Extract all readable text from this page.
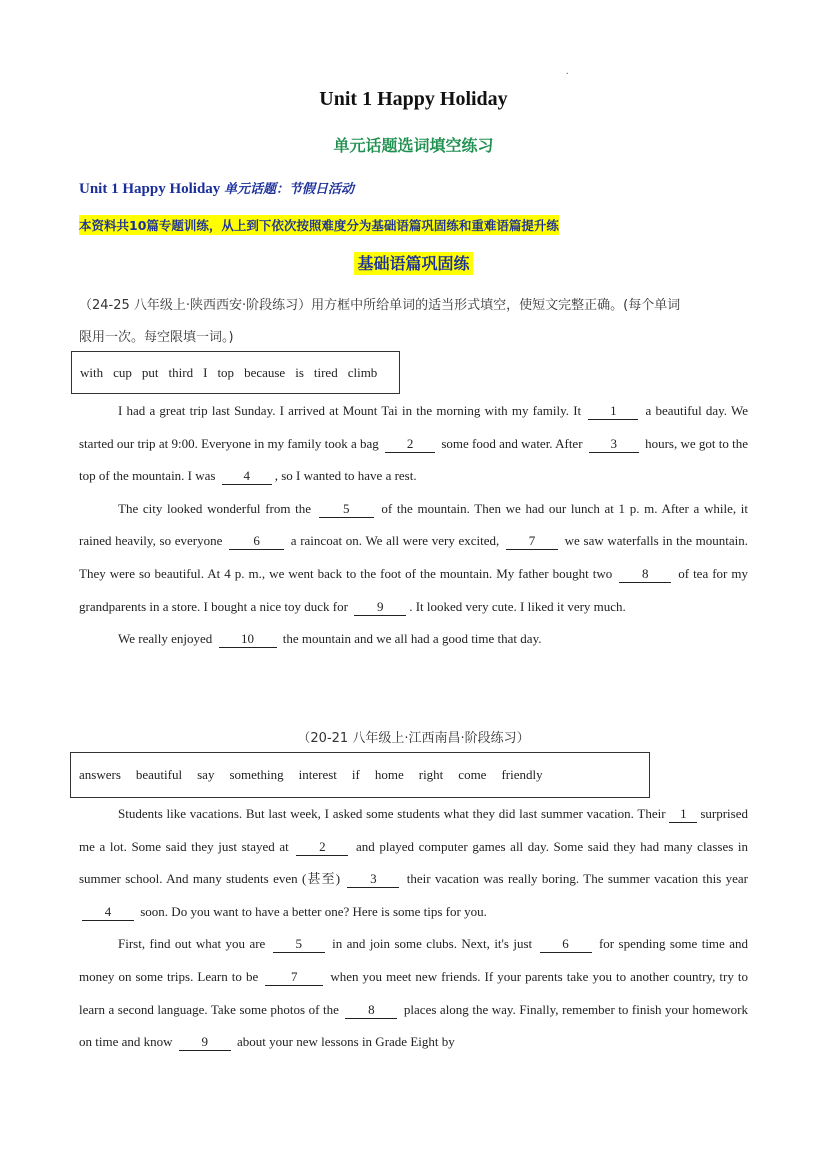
.
Unit 1 Happy Holiday
单元话题选词填空练习
Unit 1 Happy Holiday 单元话题：节假日活动
本资料共10篇专题训练，从上到下依次按照难度分为基础语篇巩固练和重难语篇提升练
基础语篇巩固练
（24-25 八年级上·陕西西安·阶段练习）用方框中所给单词的适当形式填空，使短文完整正确。(每个单词
限用一次。每空限填一词。)
with cup put third I top because is tired climb

I had a great trip last Sunday. I arrived at Mount Tai in the morning with my family. It 1 a beautiful day. We started our trip at 9:00. Everyone in my family took a bag 2 some food and water. After 3 hours, we got to the top of the mountain. I was 4 , so I wanted to have a rest.

The city looked wonderful from the 5 of the mountain. Then we had our lunch at 1 p. m. After a while, it rained heavily, so everyone 6 a raincoat on. We all were very excited, 7 we saw waterfalls in the mountain. They were so beautiful. At 4 p. m., we went back to the foot of the mountain. My father bought two 8 of tea for my grandparents in a store. I bought a nice toy duck for 9 . It looked very cute. I liked it very much.

We really enjoyed 10 the mountain and we all had a good time that day.

（20-21 八年级上·江西南昌·阶段练习）
answers beautiful say something interest if home right come friendly

Students like vacations. But last week, I asked some students what they did last summer vacation. Their 1 surprised me a lot. Some said they just stayed at 2 and played computer games all day. Some said they had many classes in summer school. And many students even (甚至) 3 their vacation was really boring. The summer vacation this year 4 soon. Do you want to have a better one? Here is some tips for you.

First, find out what you are 5 in and join some clubs. Next, it's just 6 for spending some time and money on some trips. Learn to be	7	when you meet new friends. If your parents take you to another country, try to learn a second language. Take some photos of the 8 places along the way. Finally, remember to finish your homework on time and know 9 about your new lessons in Grade Eight by
